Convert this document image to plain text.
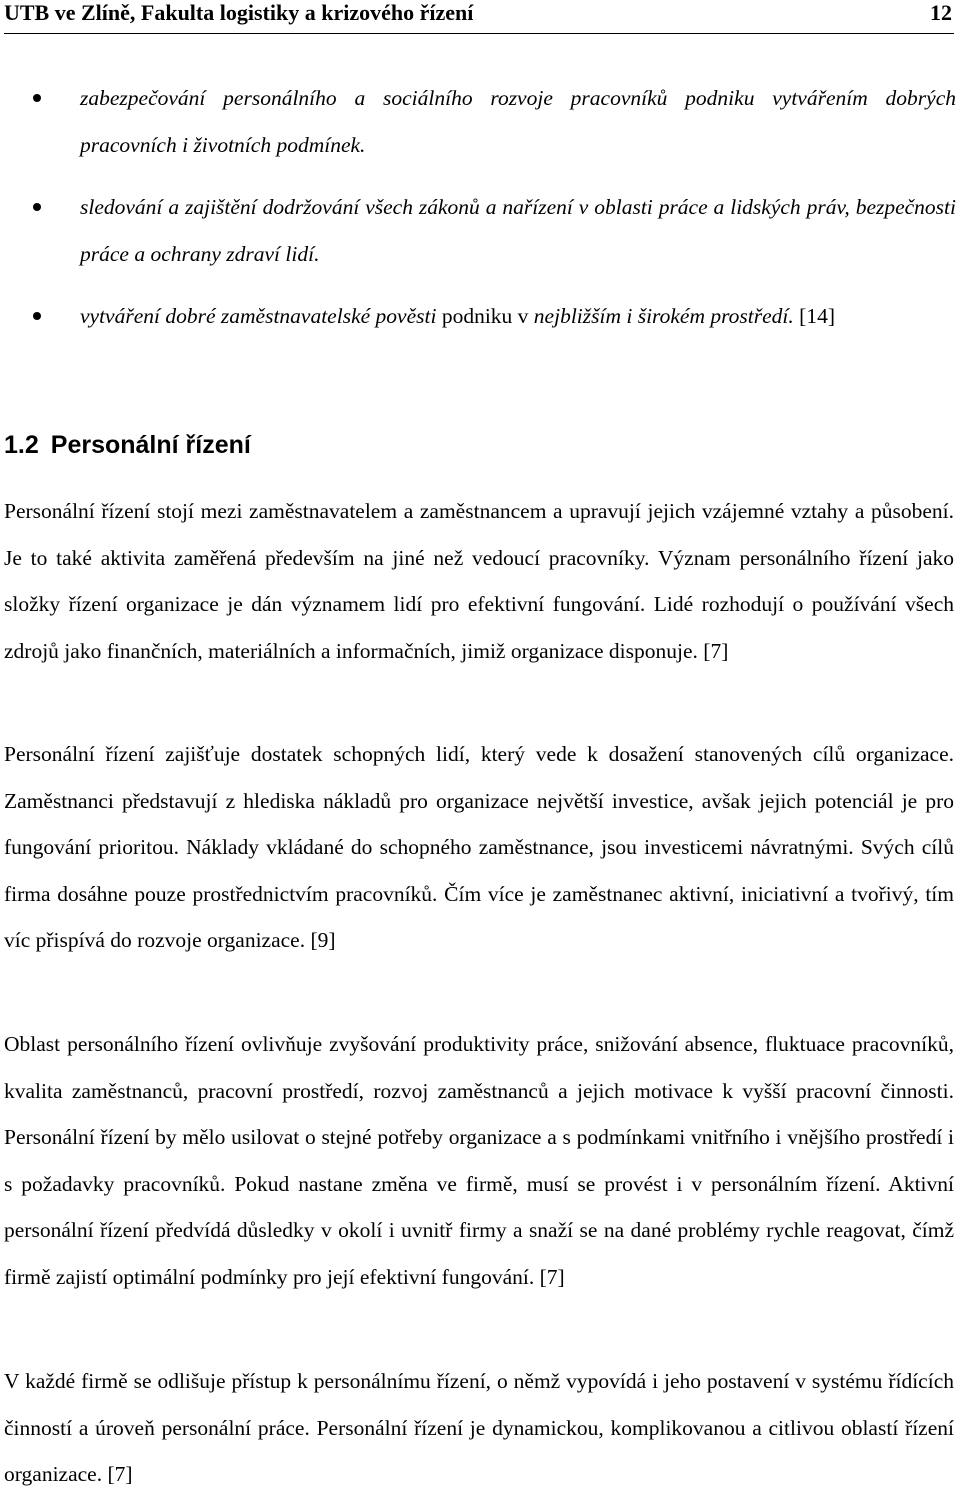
UTB ve Zlíně, Fakulta logistiky a krizového řízení	12
zabezpečování personálního a sociálního rozvoje pracovníků podniku vytvářením dobrých pracovních i životních podmínek.
sledování a zajištění dodržování všech zákonů a nařízení v oblasti práce a lidských práv, bezpečnosti práce a ochrany zdraví lidí.
vytváření dobré zaměstnavatelské pověsti podniku v nejbližším i širokém prostředí. [14]
1.2 Personální řízení

Personální řízení stojí mezi zaměstnavatelem a zaměstnancem a upravují jejich vzájemné vztahy a působení. Je to také aktivita zaměřená především na jiné než vedoucí pracovníky. Význam personálního řízení jako složky řízení organizace je dán významem lidí pro efektivní fungování. Lidé rozhodují o používání všech zdrojů jako finančních, materiálních a informačních, jimiž organizace disponuje. [7]

Personální řízení zajišťuje dostatek schopných lidí, který vede k dosažení stanovených cílů organizace. Zaměstnanci představují z hlediska nákladů pro organizace největší investice, avšak jejich potenciál je pro fungování prioritou. Náklady vkládané do schopného zaměstnance, jsou investicemi návratnými. Svých cílů firma dosáhne pouze prostřednictvím pracovníků. Čím více je zaměstnanec aktivní, iniciativní a tvořivý, tím víc přispívá do rozvoje organizace. [9]

Oblast personálního řízení ovlivňuje zvyšování produktivity práce, snižování absence, fluktuace pracovníků, kvalita zaměstnanců, pracovní prostředí, rozvoj zaměstnanců a jejich motivace k vyšší pracovní činnosti. Personální řízení by mělo usilovat o stejné potřeby organizace a s podmínkami vnitřního i vnějšího prostředí i s požadavky pracovníků. Pokud nastane změna ve firmě, musí se provést i v personálním řízení. Aktivní personální řízení předvídá důsledky v okolí i uvnitř firmy a snaží se na dané problémy rychle reagovat, čímž firmě zajistí optimální podmínky pro její efektivní fungování. [7]

V každé firmě se odlišuje přístup k personálnímu řízení, o němž vypovídá i jeho postavení v systému řídících činností a úroveň personální práce. Personální řízení je dynamickou, komplikovanou a citlivou oblastí řízení organizace. [7]
